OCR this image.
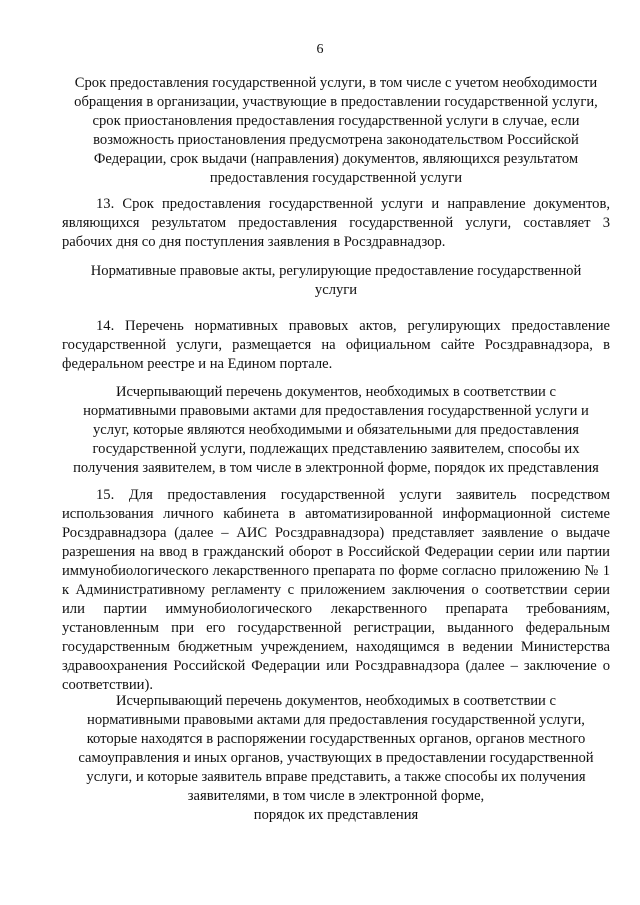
6
Срок предоставления государственной услуги, в том числе с учетом необходимости
обращения в организации, участвующие в предоставлении государственной услуги,
срок приостановления предоставления государственной услуги в случае, если
возможность приостановления предусмотрена законодательством Российской
Федерации, срок выдачи (направления) документов, являющихся результатом
предоставления государственной услуги
13. Срок предоставления государственной услуги и направление документов, являющихся результатом предоставления государственной услуги, составляет 3 рабочих дня со дня поступления заявления в Росздравнадзор.
Нормативные правовые акты, регулирующие предоставление государственной
услуги
14. Перечень нормативных правовых актов, регулирующих предоставление государственной услуги, размещается на официальном сайте Росздравнадзора, в федеральном реестре и на Едином портале.
Исчерпывающий перечень документов, необходимых в соответствии с
нормативными правовыми актами для предоставления государственной услуги и
услуг, которые являются необходимыми и обязательными для предоставления
государственной услуги, подлежащих представлению заявителем, способы их
получения заявителем, в том числе в электронной форме, порядок их представления
15. Для предоставления государственной услуги заявитель посредством использования личного кабинета в автоматизированной информационной системе Росздравнадзора (далее – АИС Росздравнадзора) представляет заявление о выдаче разрешения на ввод в гражданский оборот в Российской Федерации серии или партии иммунобиологического лекарственного препарата по форме согласно приложению № 1 к Административному регламенту с приложением заключения о соответствии серии или партии иммунобиологического лекарственного препарата требованиям, установленным при его государственной регистрации, выданного федеральным государственным бюджетным учреждением, находящимся в ведении Министерства здравоохранения Российской Федерации или Росздравнадзора (далее – заключение о соответствии).
Исчерпывающий перечень документов, необходимых в соответствии с
нормативными правовыми актами для предоставления государственной услуги,
которые находятся в распоряжении государственных органов, органов местного
самоуправления и иных органов, участвующих в предоставлении государственной
услуги, и которые заявитель вправе представить, а также способы их получения
заявителями, в том числе в электронной форме,
порядок их представления
